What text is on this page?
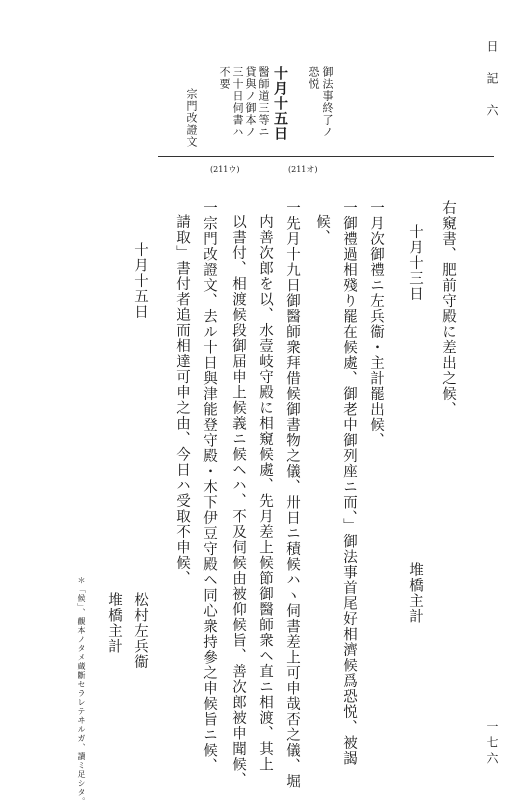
日　記　六
一七六
御法事終了ノ
恐悦
十月十五日
醫師道三等ニ
貸與ノ御本ノ
三十日伺書ハ
不要
宗門改證文
(211ウ)	(211オ)
右窺書、肥前守殿に差出之候、
十月十三日
堆橋主計
一月次御禮ニ左兵衞・主計罷出候、
一御禮過相殘り罷在候處、御老中御列座ニ而、」御法事首尾好相濟候爲恐悦、被謁
候、
一先月十九日御醫師衆拜借候御書物之儀、卅日ニ積候ハヽ伺書差上可申哉否之儀、堀
内善次郎を以、水壹岐守殿に相窺候處、先月差上候節御醫師衆ヘ直ニ相渡、其上
以書付、相渡候段御届申上候義ニ候ヘハ、不及伺候由被仰候旨、善次郎被申聞候、
一宗門改證文、去ル十日與津能登守殿・木下伊豆守殿ヘ同心衆持參之申候旨ニ候、
請取」書付者追而相達可申之由、今日ハ受取不申候、
十月十五日
松村左兵衞
堆橋主計
＊「候」、觀本ノタメ蔵斷セラレテヰルガ、讀ミ足シタ。
